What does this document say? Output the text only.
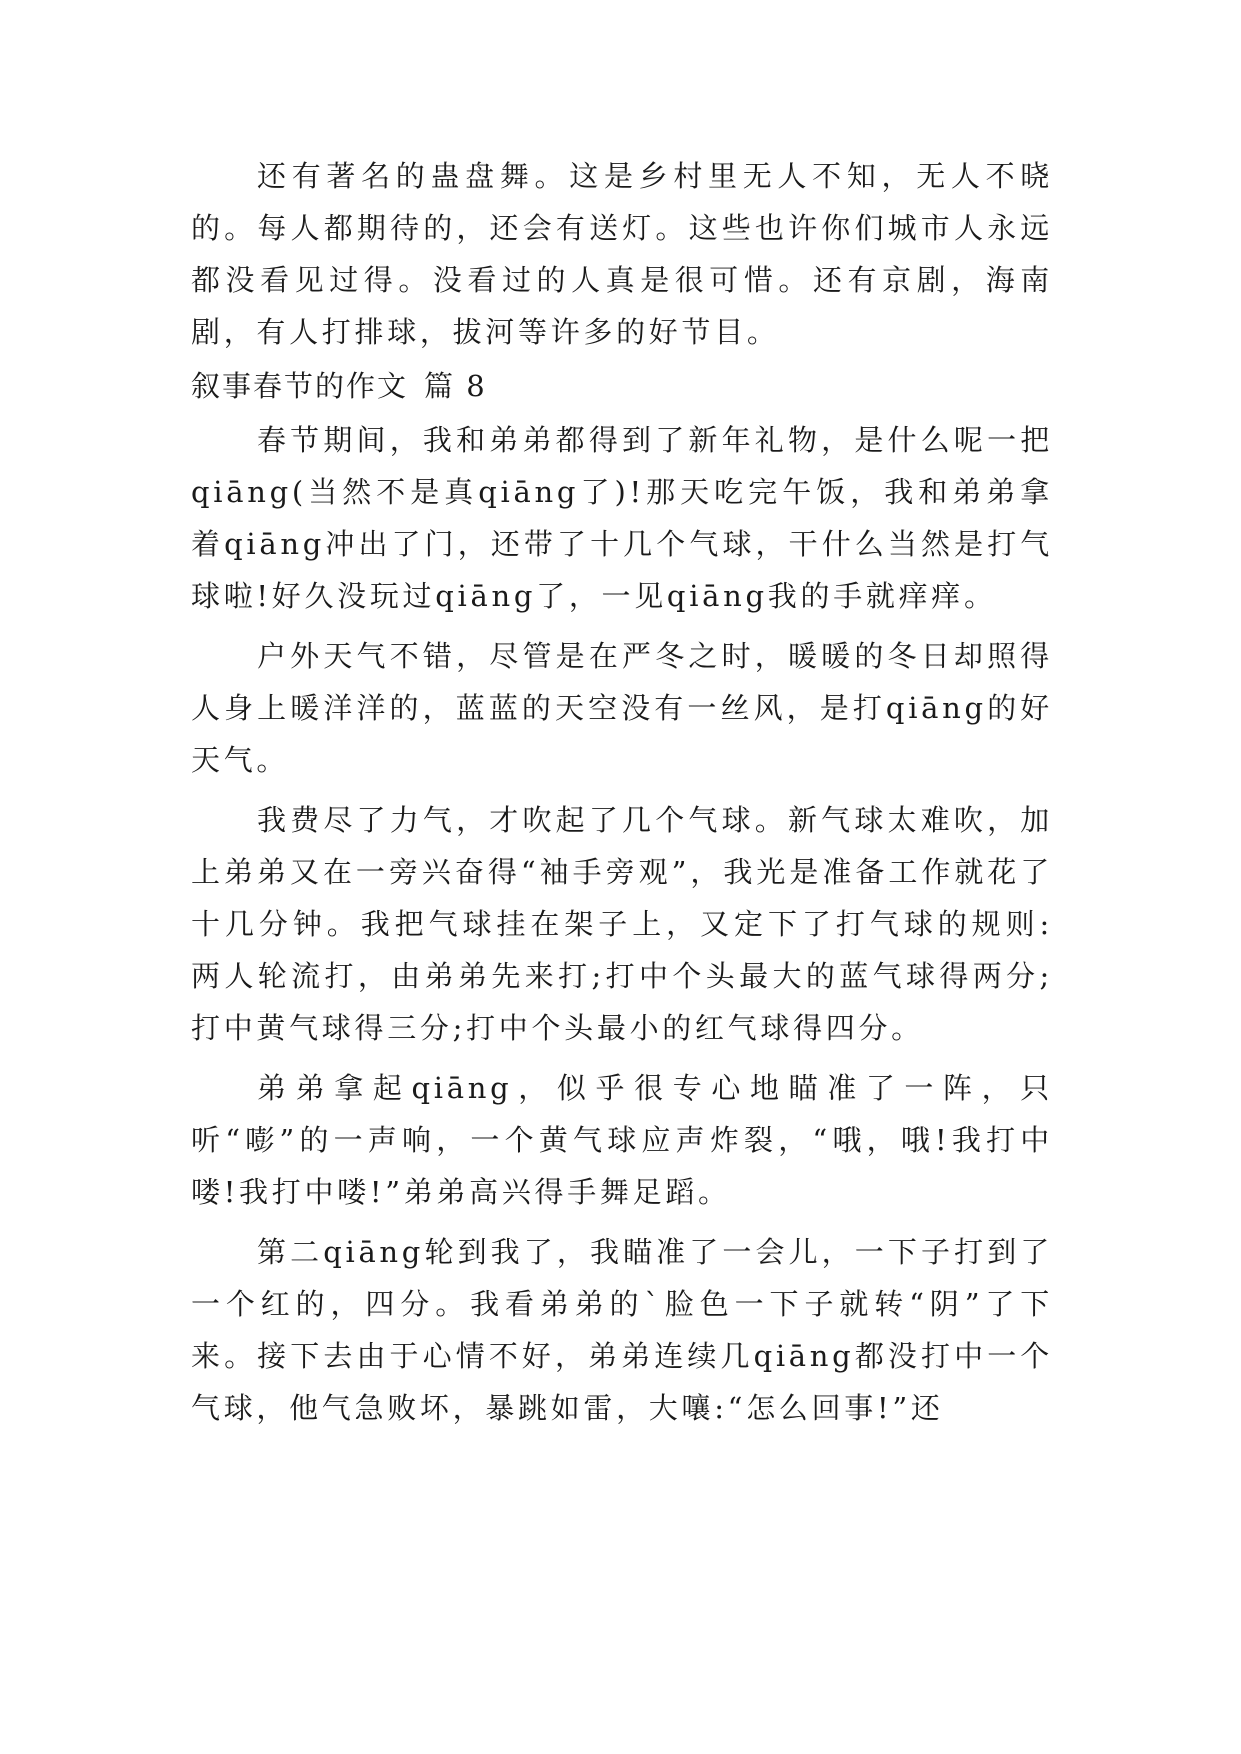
还有著名的蛊盘舞。这是乡村里无人不知，无人不晓的。每人都期待的，还会有送灯。这些也许你们城市人永远都没看见过得。没看过的人真是很可惜。还有京剧，海南剧，有人打排球，拔河等许多的好节目。

叙事春节的作文 篇 8

春节期间，我和弟弟都得到了新年礼物，是什么呢一把qiāng(当然不是真qiāng了)!那天吃完午饭，我和弟弟拿着qiāng冲出了门，还带了十几个气球，干什么当然是打气球啦!好久没玩过qiāng了，一见qiāng我的手就痒痒。

户外天气不错，尽管是在严冬之时，暖暖的冬日却照得人身上暖洋洋的，蓝蓝的天空没有一丝风，是打qiāng的好天气。

我费尽了力气，才吹起了几个气球。新气球太难吹，加上弟弟又在一旁兴奋得“袖手旁观”，我光是准备工作就花了十几分钟。我把气球挂在架子上，又定下了打气球的规则:两人轮流打，由弟弟先来打;打中个头最大的蓝气球得两分;打中黄气球得三分;打中个头最小的红气球得四分。

弟弟拿起qiāng，似乎很专心地瞄准了一阵，只听“嘭”的一声响，一个黄气球应声炸裂，“哦，哦!我打中喽!我打中喽!”弟弟高兴得手舞足蹈。

第二qiāng轮到我了，我瞄准了一会儿，一下子打到了一个红的，四分。我看弟弟的`脸色一下子就转“阴”了下来。接下去由于心情不好，弟弟连续几qiāng都没打中一个气球，他气急败坏，暴跳如雷，大嚷:“怎么回事!”还
